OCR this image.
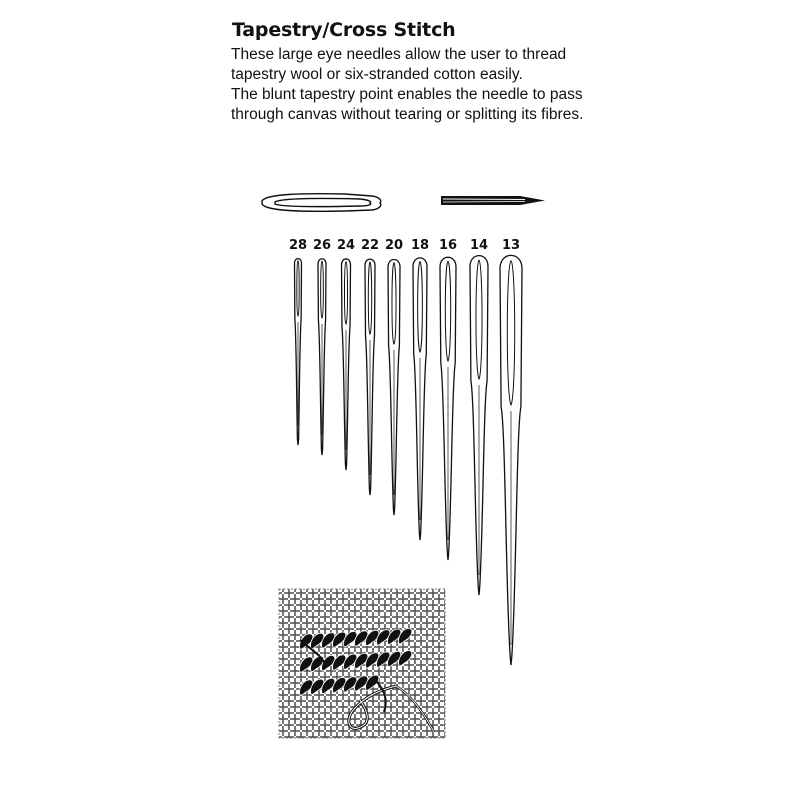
Tapestry/Cross Stitch

These large eye needles allow the user to thread tapestry wool or six-stranded cotton easily.

The blunt tapestry point enables the needle to pass through canvas without tearing or splitting its fibres.

28 26 24 22 20 18 16 14 13
